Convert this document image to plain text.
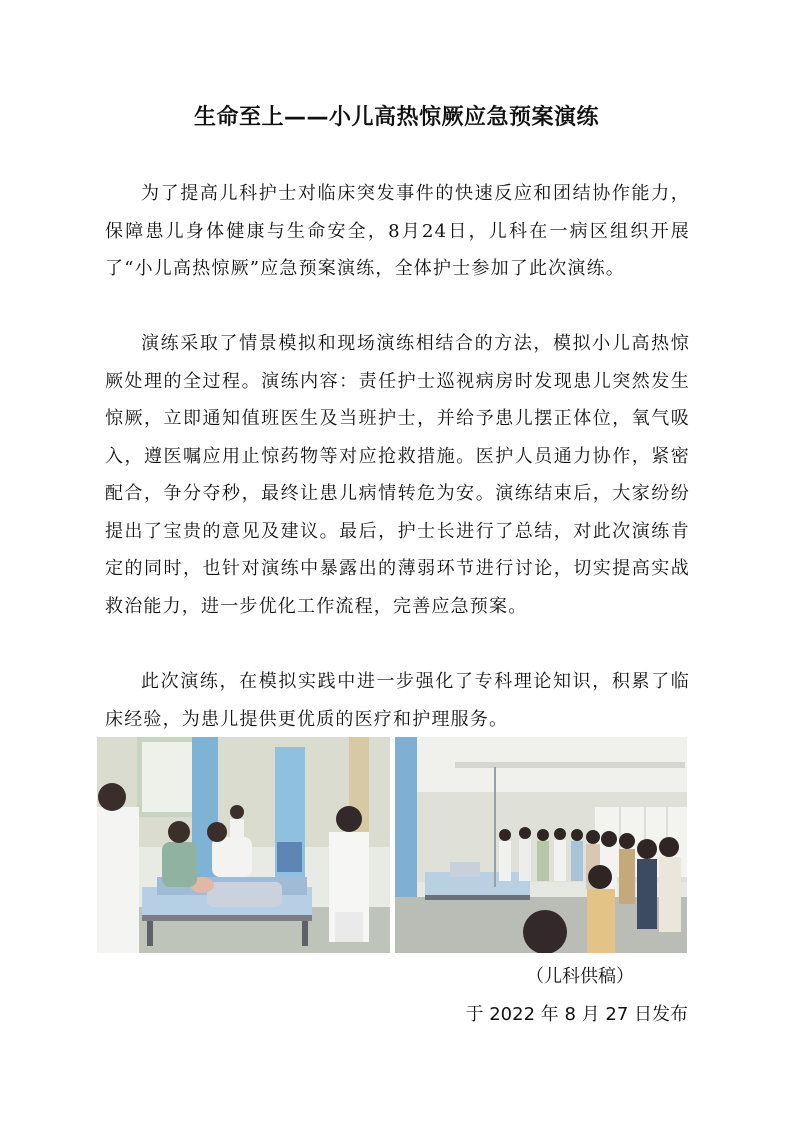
生命至上——小儿高热惊厥应急预案演练

为了提高儿科护士对临床突发事件的快速反应和团结协作能力，保障患儿身体健康与生命安全，8月24日，儿科在一病区组织开展了“小儿高热惊厥”应急预案演练，全体护士参加了此次演练。

演练采取了情景模拟和现场演练相结合的方法，模拟小儿高热惊厥处理的全过程。演练内容：责任护士巡视病房时发现患儿突然发生惊厥，立即通知值班医生及当班护士，并给予患儿摆正体位，氧气吸入，遵医嘱应用止惊药物等对应抢救措施。医护人员通力协作，紧密配合，争分夺秒，最终让患儿病情转危为安。演练结束后，大家纷纷提出了宝贵的意见及建议。最后，护士长进行了总结，对此次演练肯定的同时，也针对演练中暴露出的薄弱环节进行讨论，切实提高实战救治能力，进一步优化工作流程，完善应急预案。

此次演练，在模拟实践中进一步强化了专科理论知识，积累了临床经验，为患儿提供更优质的医疗和护理服务。

（儿科供稿）
于 2022 年 8 月 27 日发布
